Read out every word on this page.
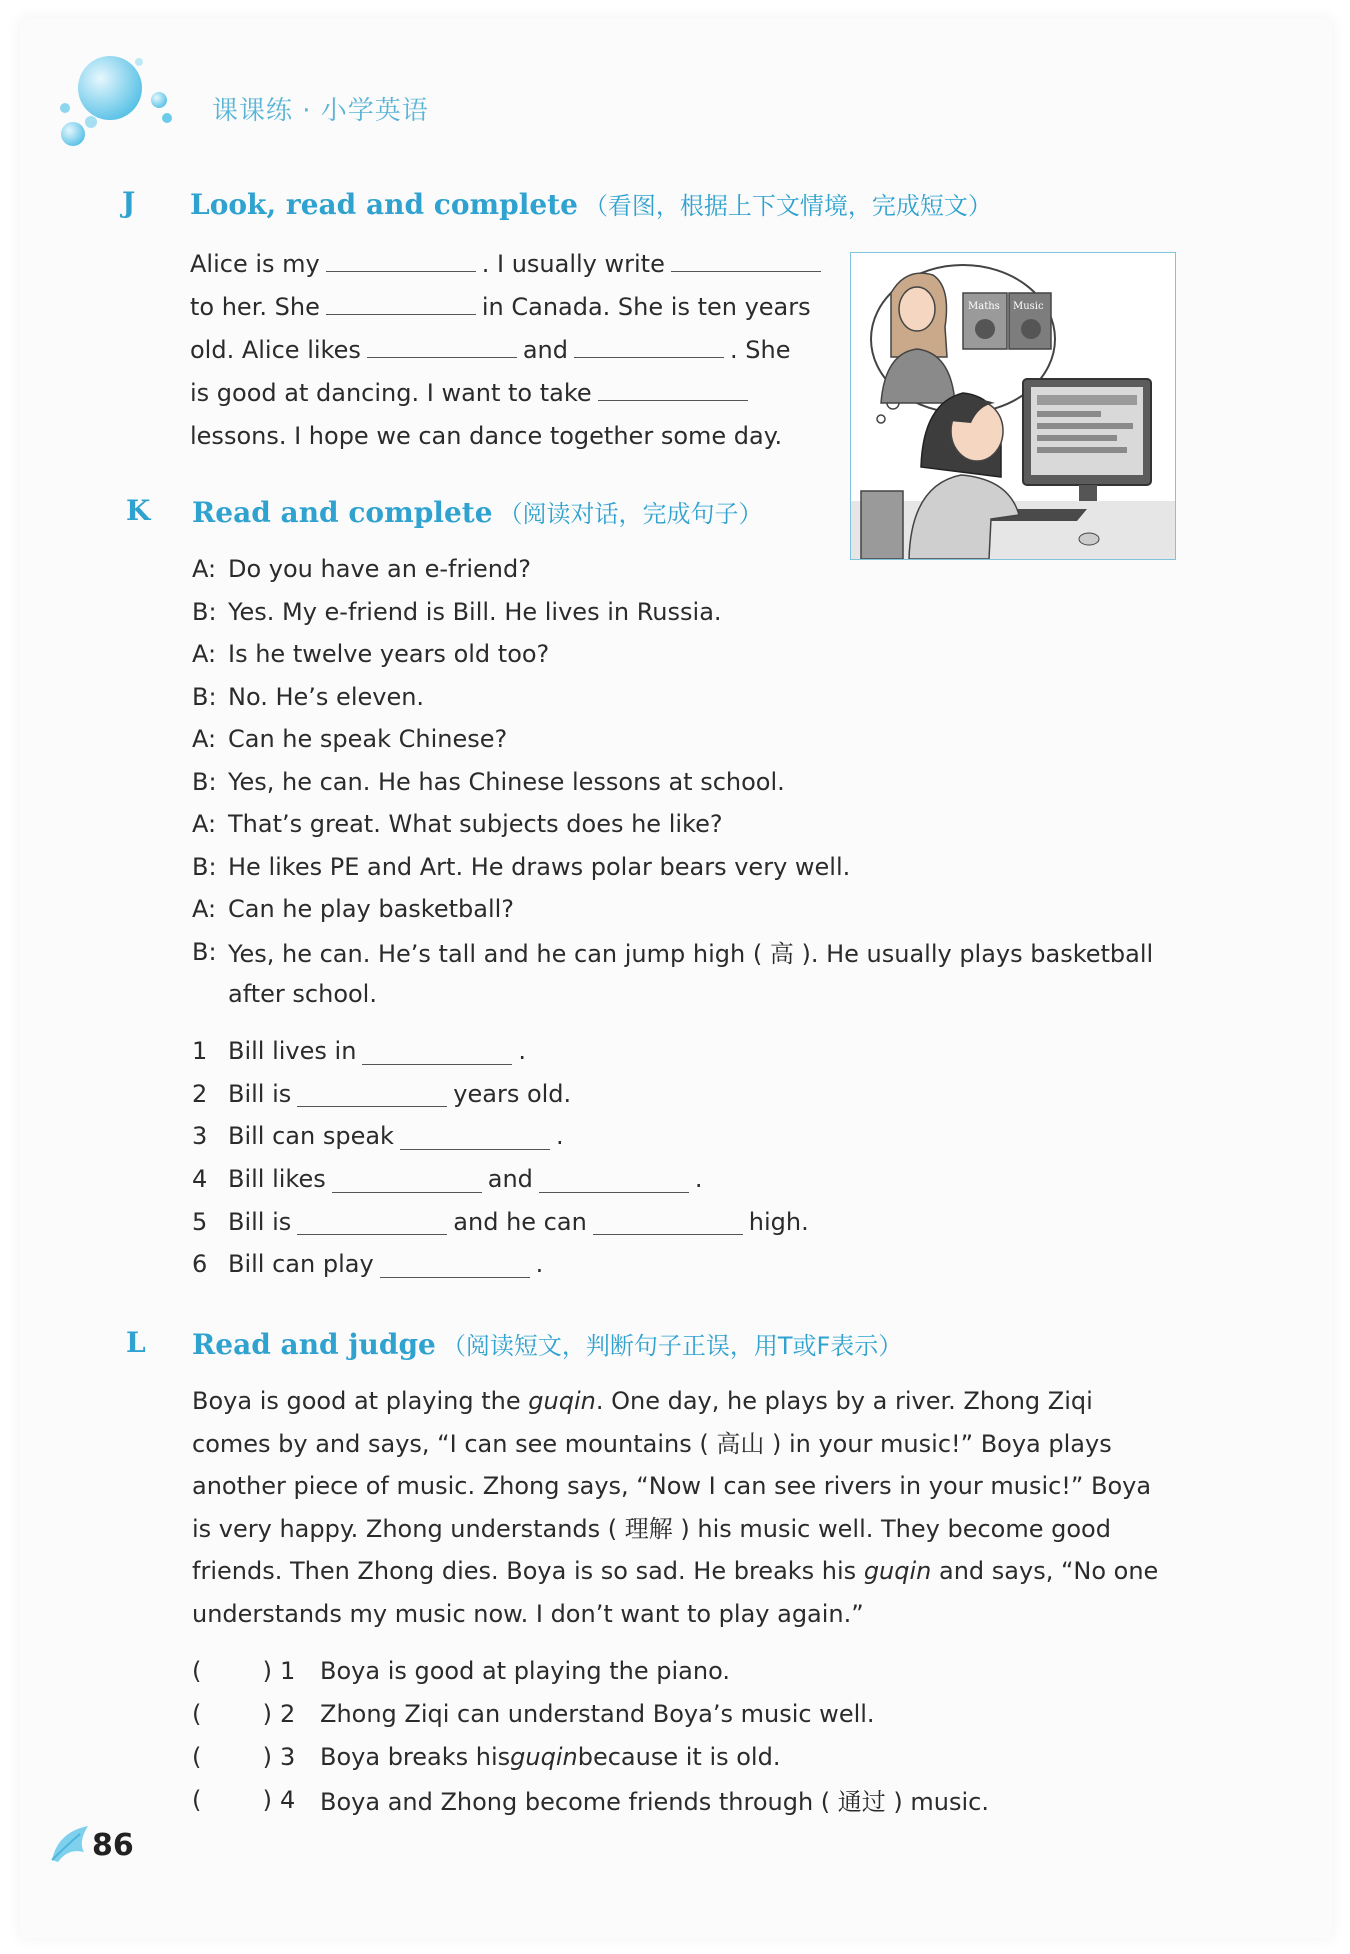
课课练 · 小学英语
J Look, read and complete （看图，根据上下文情境，完成短文）
Alice is my	. I usually write
to her. She	in Canada. She is ten years
old. Alice likes	and	. She
is good at dancing. I want to take
lessons. I hope we can dance together some day.
Maths Music
K Read and complete （阅读对话，完成句子）
A: Do you have an e-friend?
B: Yes. My e-friend is Bill. He lives in Russia.
A: Is he twelve years old too?
B: No. He’s eleven.
A: Can he speak Chinese?
B: Yes, he can. He has Chinese lessons at school.
A: That’s great. What subjects does he like?
B: He likes PE and Art. He draws polar bears very well.
A: Can he play basketball?
B: Yes, he can. He’s tall and he can jump high ( 高 ). He usually plays basketball
after school.
1 Bill lives in	.
2 Bill is	years old.
3 Bill can speak	.
4 Bill likes	and	.
5 Bill is	and he can	high.
6 Bill can play	.
L Read and judge （阅读短文，判断句子正误，用T或F表示）
Boya is good at playing the guqin. One day, he plays by a river. Zhong Ziqi
comes by and says, “I can see mountains ( 高山 ) in your music!” Boya plays
another piece of music. Zhong says, “Now I can see rivers in your music!” Boya
is very happy. Zhong understands ( 理解 ) his music well. They become good
friends. Then Zhong dies. Boya is so sad. He breaks his guqin and says, “No one
understands my music now. I don’t want to play again.”
(	) 1	Boya is good at playing the piano.
(	) 2	Zhong Ziqi can understand Boya’s music well.
(	) 3	Boya breaks his guqin because it is old.
(	) 4	Boya and Zhong become friends through ( 通过 ) music.
86
